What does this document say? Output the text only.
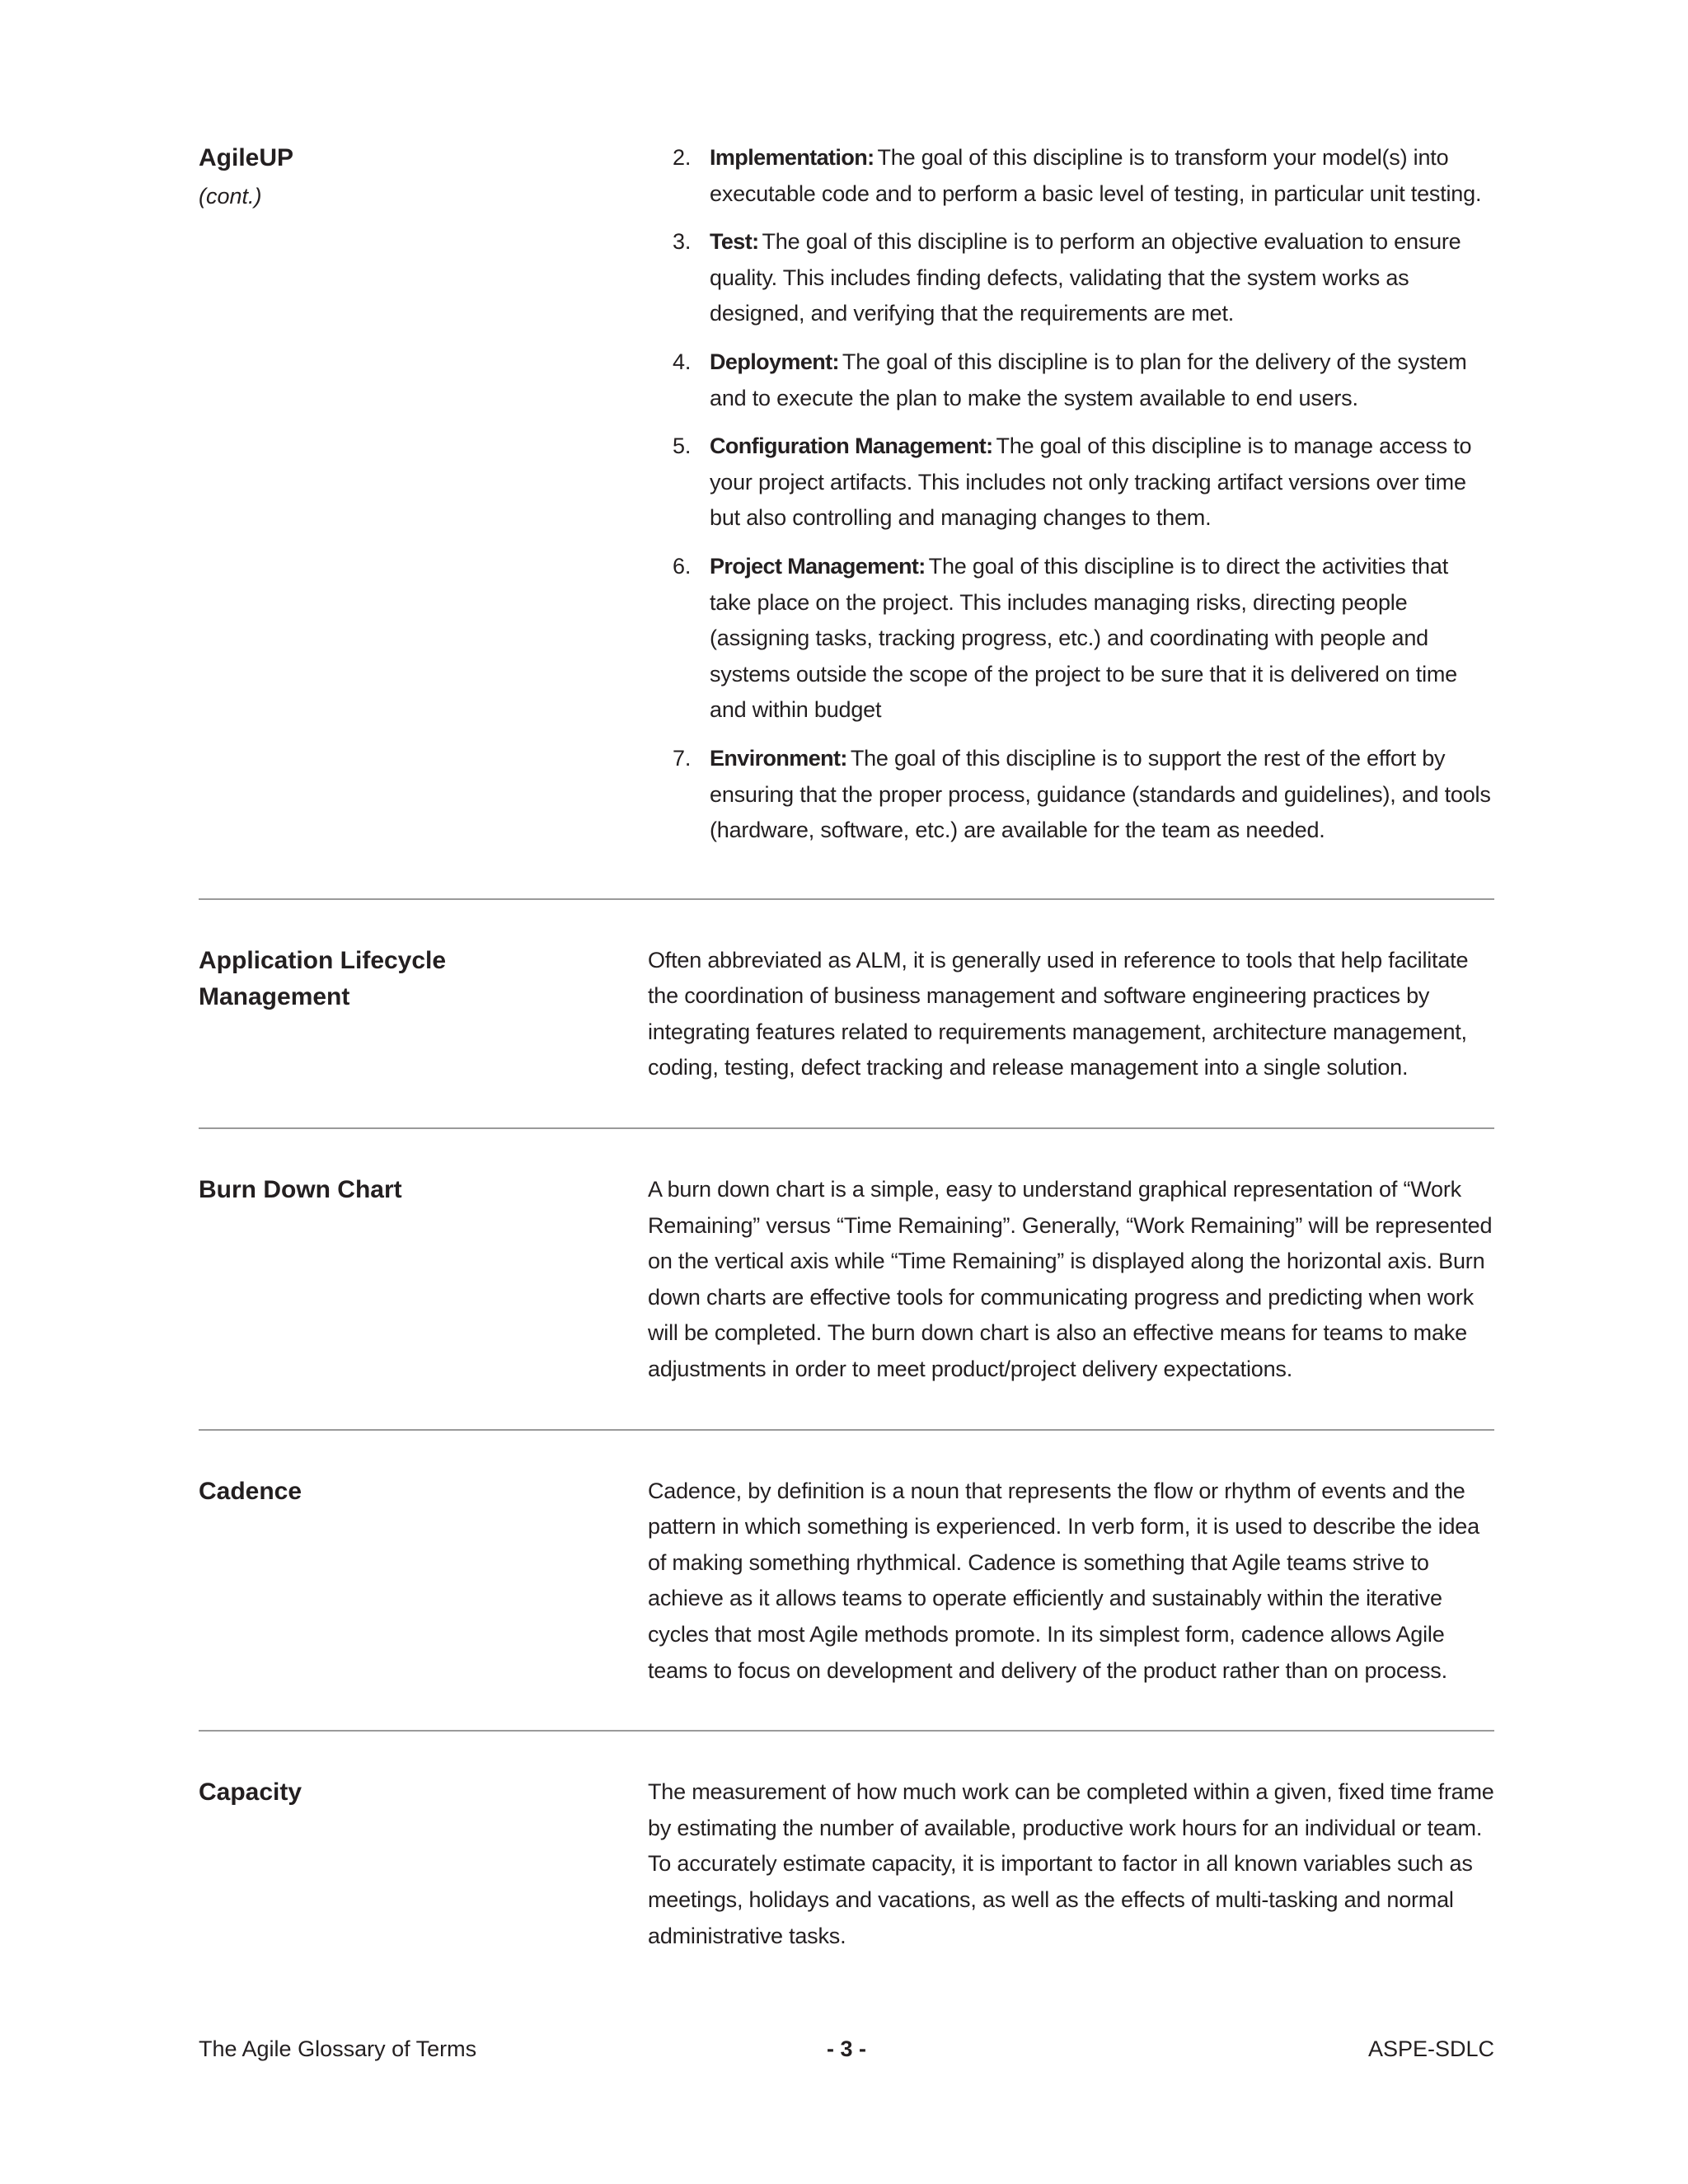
AgileUP

(cont.)

2. Implementation: The goal of this discipline is to transform your model(s) into executable code and to perform a basic level of testing, in particular unit testing.
3. Test: The goal of this discipline is to perform an objective evaluation to ensure quality. This includes finding defects, validating that the system works as designed, and verifying that the requirements are met.
4. Deployment: The goal of this discipline is to plan for the delivery of the system and to execute the plan to make the system available to end users.
5. Configuration Management: The goal of this discipline is to manage access to your project artifacts. This includes not only tracking artifact versions over time but also controlling and managing changes to them.
6. Project Management: The goal of this discipline is to direct the activities that take place on the project. This includes managing risks, directing people (assigning tasks, tracking progress, etc.) and coordinating with people and systems outside the scope of the project to be sure that it is delivered on time and within budget
7. Environment: The goal of this discipline is to support the rest of the effort by ensuring that the proper process, guidance (standards and guidelines), and tools (hardware, software, etc.) are available for the team as needed.

Application Lifecycle
Management

Often abbreviated as ALM, it is generally used in reference to tools that help facilitate the coordination of business management and software engineering practices by integrating features related to requirements management, architecture management, coding, testing, defect tracking and release management into a single solution.

Burn Down Chart	A burn down chart is a simple, easy to understand graphical representation of “Work Remaining” versus “Time Remaining”. Generally, “Work Remaining” will be represented on the vertical axis while “Time Remaining” is displayed along the horizontal axis. Burn down charts are effective tools for communicating progress and predicting when work will be completed. The burn down chart is also an effective means for teams to make adjustments in order to meet product/project delivery expectations.

Cadence	Cadence, by definition is a noun that represents the flow or rhythm of events and the pattern in which something is experienced. In verb form, it is used to describe the idea of making something rhythmical. Cadence is something that Agile teams strive to achieve as it allows teams to operate efficiently and sustainably within the iterative cycles that most Agile methods promote. In its simplest form, cadence allows Agile teams to focus on development and delivery of the product rather than on process.

Capacity	The measurement of how much work can be completed within a given, fixed time frame by estimating the number of available, productive work hours for an individual or team. To accurately estimate capacity, it is important to factor in all known variables such as meetings, holidays and vacations, as well as the effects of multi-tasking and normal administrative tasks.

The Agile Glossary of Terms	- 3 -	ASPE-SDLC
